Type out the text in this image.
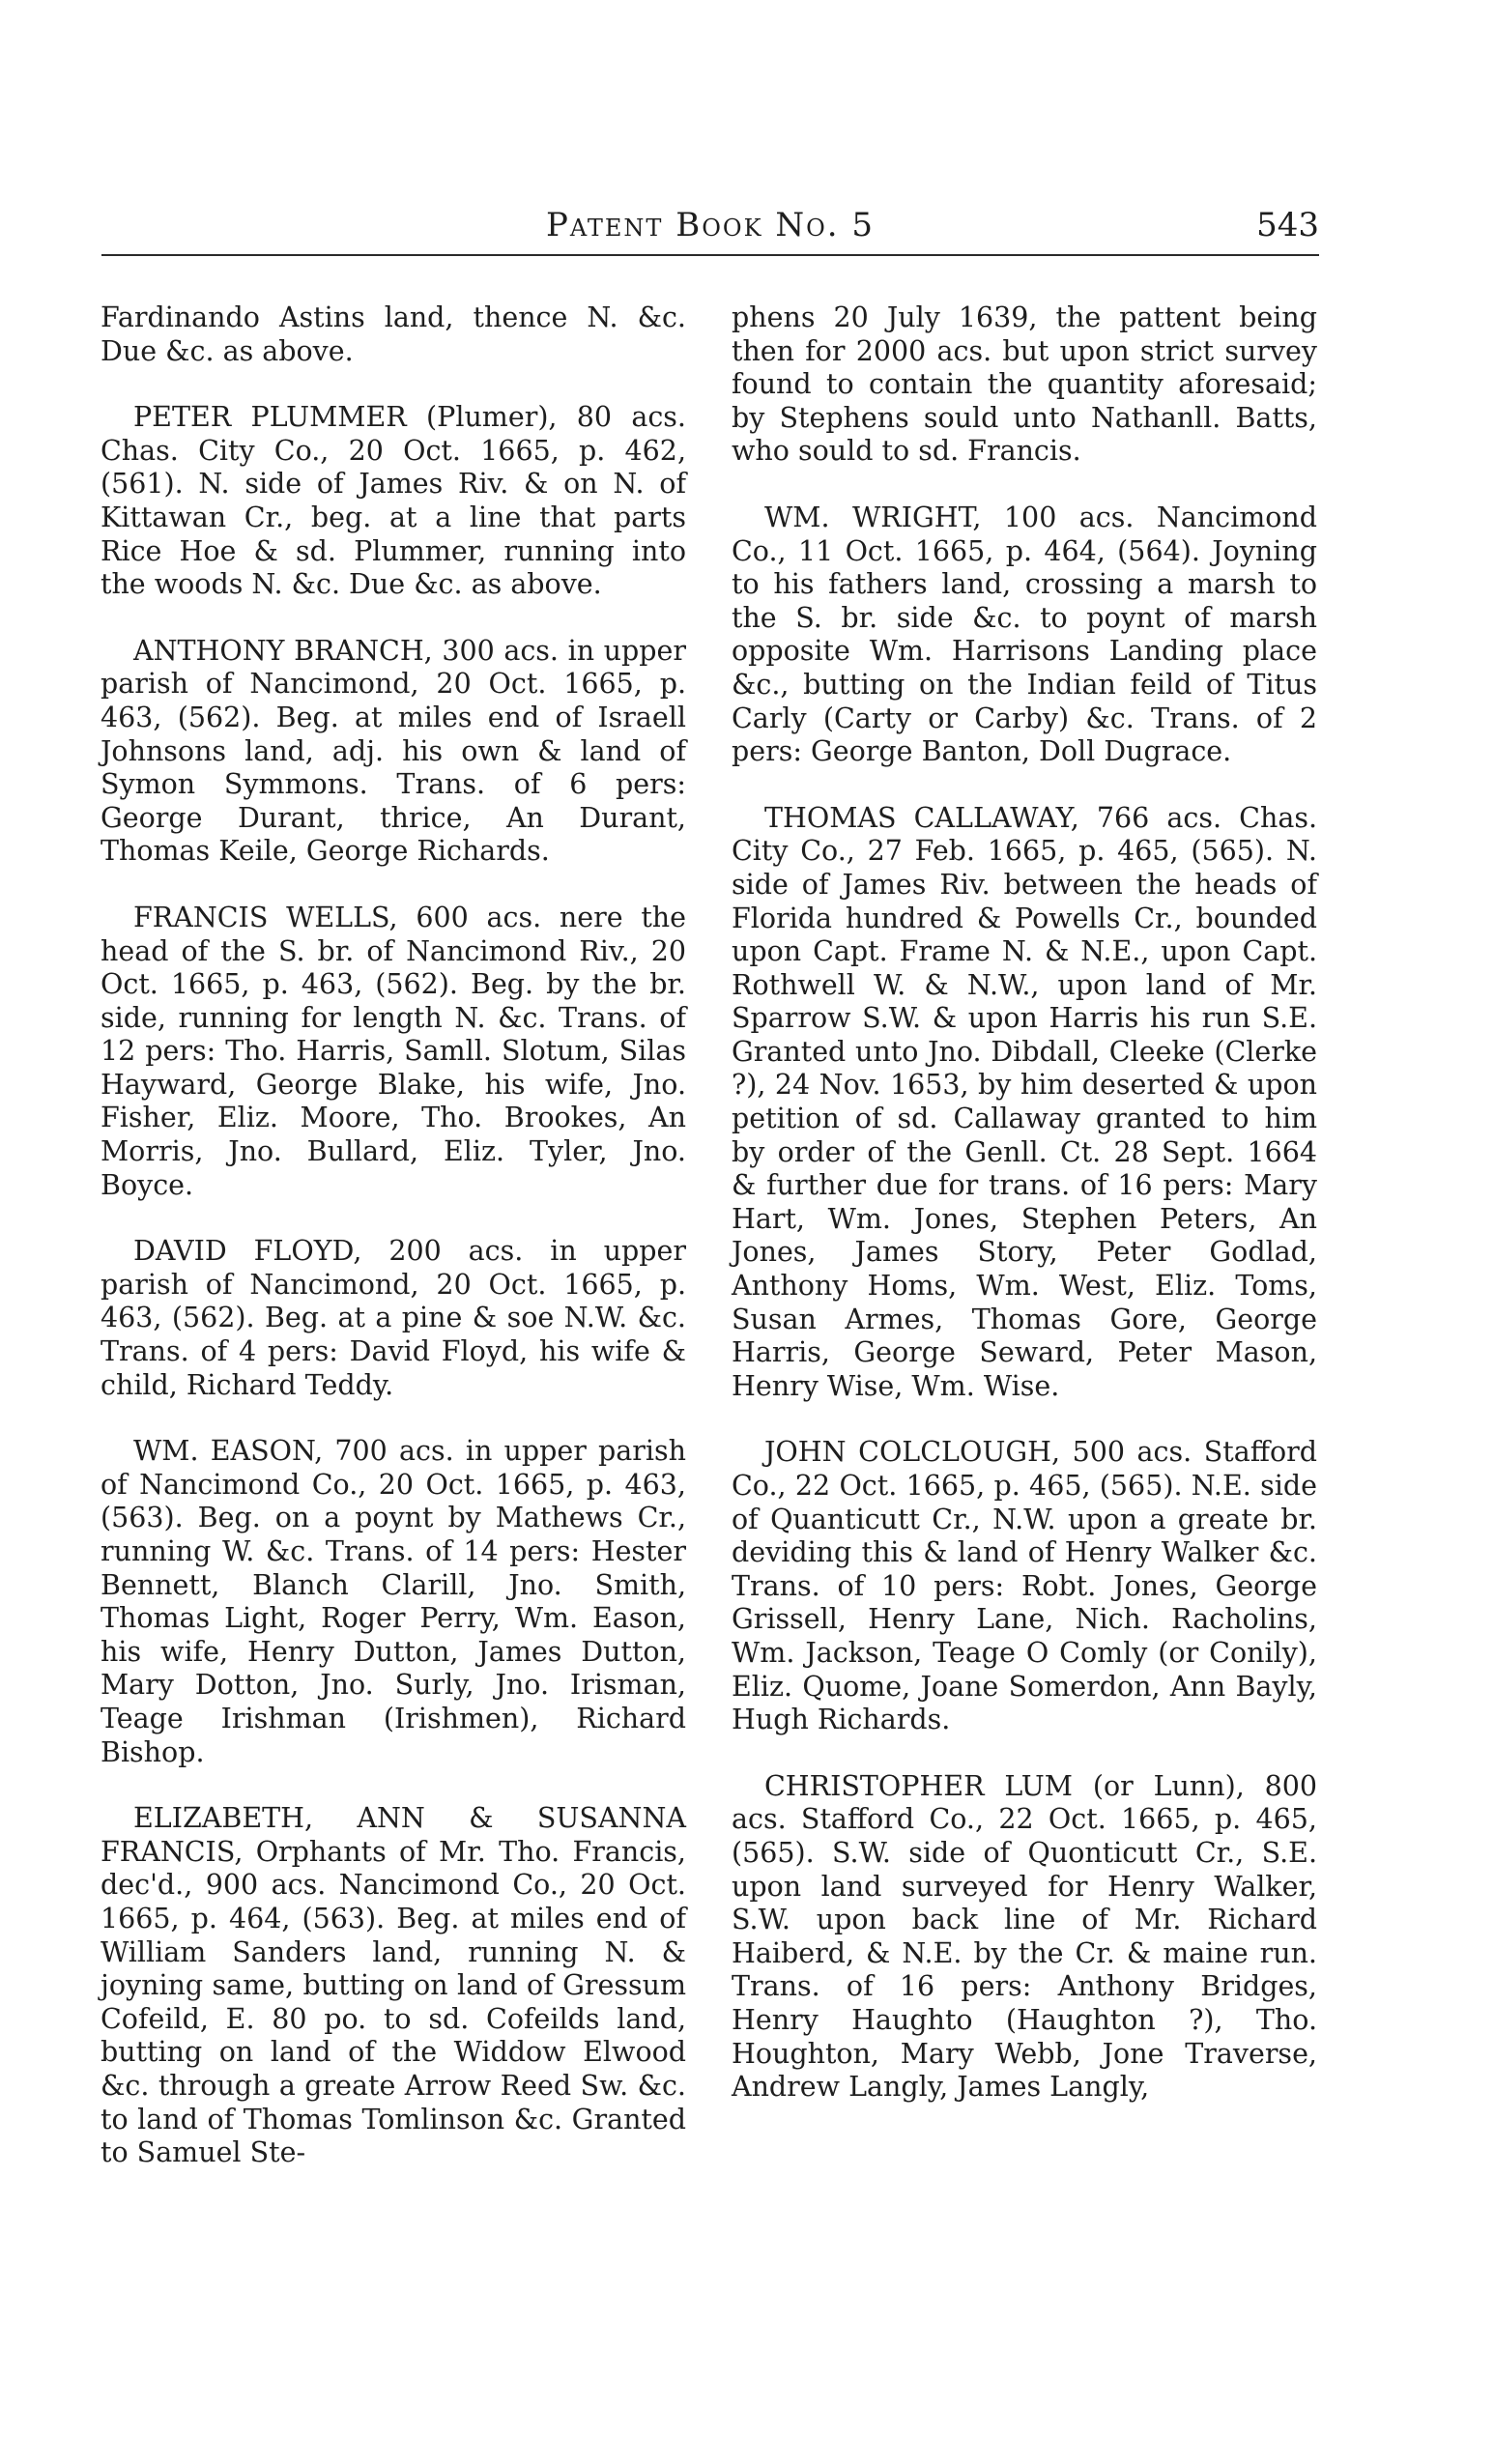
Patent Book No. 5	543

Fardinando Astins land, thence N. &c. Due &c. as above.

PETER PLUMMER (Plumer), 80 acs. Chas. City Co., 20 Oct. 1665, p. 462, (561). N. side of James Riv. & on N. of Kittawan Cr., beg. at a line that parts Rice Hoe & sd. Plummer, running into the woods N. &c. Due &c. as above.

ANTHONY BRANCH, 300 acs. in upper parish of Nancimond, 20 Oct. 1665, p. 463, (562). Beg. at miles end of Israell Johnsons land, adj. his own & land of Symon Symmons. Trans. of 6 pers: George Durant, thrice, An Durant, Thomas Keile, George Richards.

FRANCIS WELLS, 600 acs. nere the head of the S. br. of Nancimond Riv., 20 Oct. 1665, p. 463, (562). Beg. by the br. side, running for length N. &c. Trans. of 12 pers: Tho. Harris, Samll. Slotum, Silas Hayward, George Blake, his wife, Jno. Fisher, Eliz. Moore, Tho. Brookes, An Morris, Jno. Bullard, Eliz. Tyler, Jno. Boyce.

DAVID FLOYD, 200 acs. in upper parish of Nancimond, 20 Oct. 1665, p. 463, (562). Beg. at a pine & soe N.W. &c. Trans. of 4 pers: David Floyd, his wife & child, Richard Teddy.

WM. EASON, 700 acs. in upper parish of Nancimond Co., 20 Oct. 1665, p. 463, (563). Beg. on a poynt by Mathews Cr., running W. &c. Trans. of 14 pers: Hester Bennett, Blanch Clarill, Jno. Smith, Thomas Light, Roger Perry, Wm. Eason, his wife, Henry Dutton, James Dutton, Mary Dotton, Jno. Surly, Jno. Irisman, Teage Irishman (Irishmen), Richard Bishop.

ELIZABETH, ANN & SUSANNA FRANCIS, Orphants of Mr. Tho. Francis, dec'd., 900 acs. Nancimond Co., 20 Oct. 1665, p. 464, (563). Beg. at miles end of William Sanders land, running N. & joyning same, butting on land of Gressum Cofeild, E. 80 po. to sd. Cofeilds land, butting on land of the Widdow Elwood &c. through a greate Arrow Reed Sw. &c. to land of Thomas Tomlinson &c. Granted to Samuel Ste-

phens 20 July 1639, the pattent being then for 2000 acs. but upon strict survey found to contain the quantity aforesaid; by Stephens sould unto Nathanll. Batts, who sould to sd. Francis.

WM. WRIGHT, 100 acs. Nancimond Co., 11 Oct. 1665, p. 464, (564). Joyning to his fathers land, crossing a marsh to the S. br. side &c. to poynt of marsh opposite Wm. Harrisons Landing place &c., butting on the Indian feild of Titus Carly (Carty or Carby) &c. Trans. of 2 pers: George Banton, Doll Dugrace.

THOMAS CALLAWAY, 766 acs. Chas. City Co., 27 Feb. 1665, p. 465, (565). N. side of James Riv. between the heads of Florida hundred & Powells Cr., bounded upon Capt. Frame N. & N.E., upon Capt. Rothwell W. & N.W., upon land of Mr. Sparrow S.W. & upon Harris his run S.E. Granted unto Jno. Dibdall, Cleeke (Clerke ?), 24 Nov. 1653, by him deserted & upon petition of sd. Callaway granted to him by order of the Genll. Ct. 28 Sept. 1664 & further due for trans. of 16 pers: Mary Hart, Wm. Jones, Stephen Peters, An Jones, James Story, Peter Godlad, Anthony Homs, Wm. West, Eliz. Toms, Susan Armes, Thomas Gore, George Harris, George Seward, Peter Mason, Henry Wise, Wm. Wise.

JOHN COLCLOUGH, 500 acs. Stafford Co., 22 Oct. 1665, p. 465, (565). N.E. side of Quanticutt Cr., N.W. upon a greate br. deviding this & land of Henry Walker &c. Trans. of 10 pers: Robt. Jones, George Grissell, Henry Lane, Nich. Racholins, Wm. Jackson, Teage O Comly (or Conily), Eliz. Quome, Joane Somerdon, Ann Bayly, Hugh Richards.

CHRISTOPHER LUM (or Lunn), 800 acs. Stafford Co., 22 Oct. 1665, p. 465, (565). S.W. side of Quonticutt Cr., S.E. upon land surveyed for Henry Walker, S.W. upon back line of Mr. Richard Haiberd, & N.E. by the Cr. & maine run. Trans. of 16 pers: Anthony Bridges, Henry Haughto (Haughton ?), Tho. Houghton, Mary Webb, Jone Traverse, Andrew Langly, James Langly,
